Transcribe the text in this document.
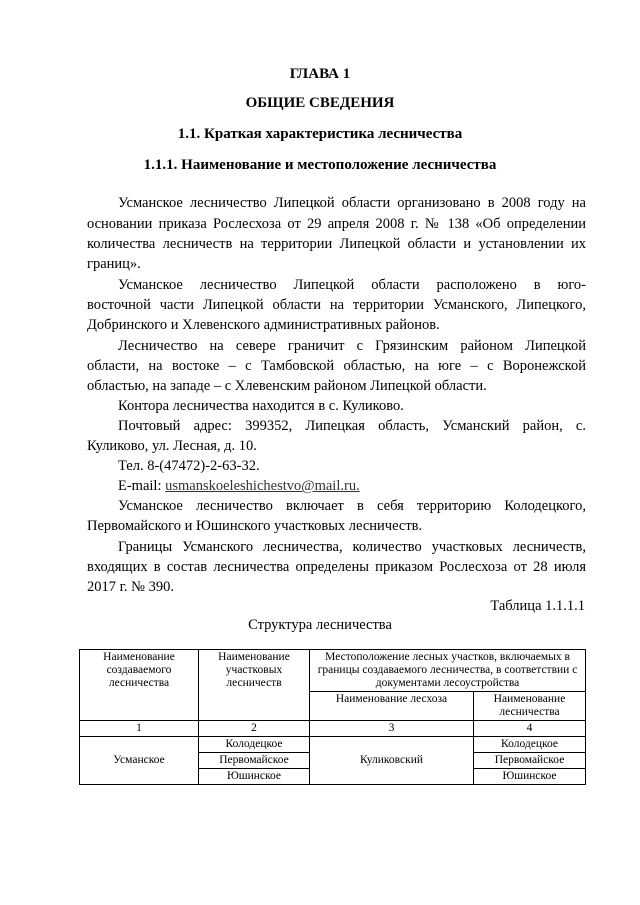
ГЛАВА 1
ОБЩИЕ СВЕДЕНИЯ
1.1. Краткая характеристика лесничества
1.1.1. Наименование и местоположение лесничества
Усманское лесничество Липецкой области организовано в 2008 году на
основании приказа Рослесхоза от 29 апреля 2008 г. № 138 «Об определении
количества лесничеств на территории Липецкой области и установлении их
границ».
Усманское лесничество Липецкой области расположено в юго-
восточной части Липецкой области на территории Усманского, Липецкого,
Добринского и Хлевенского административных районов.
Лесничество на севере граничит с Грязинским районом Липецкой
области, на востоке – с Тамбовской областью, на юге – с Воронежской
областью, на западе – с Хлевенским районом Липецкой области.
Контора лесничества находится в с. Куликово.
Почтовый адрес: 399352, Липецкая область, Усманский район, с.
Куликово, ул. Лесная, д. 10.
Тел. 8-(47472)-2-63-32.
E-mail: usmanskoeleshichestvo@mail.ru.
Усманское лесничество включает в себя территорию Колодецкого,
Первомайского и Юшинского участковых лесничеств.
Границы Усманского лесничества, количество участковых лесничеств,
входящих в состав лесничества определены приказом Рослесхоза от 28 июля
2017 г. № 390.
Таблица 1.1.1.1
Структура лесничества
Наименование создаваемого лесничества	Наименование участковых лесничеств	Местоположение лесных участков, включаемых в границы создаваемого лесничества, в соответствии с документами лесоустройства	
		Наименование лесхоза	Наименование лесничества
1	2	3	4
Усманское	Колодецкое	Куликовский	Колодецкое
	Первомайское		Первомайское
	Юшинское		Юшинское
